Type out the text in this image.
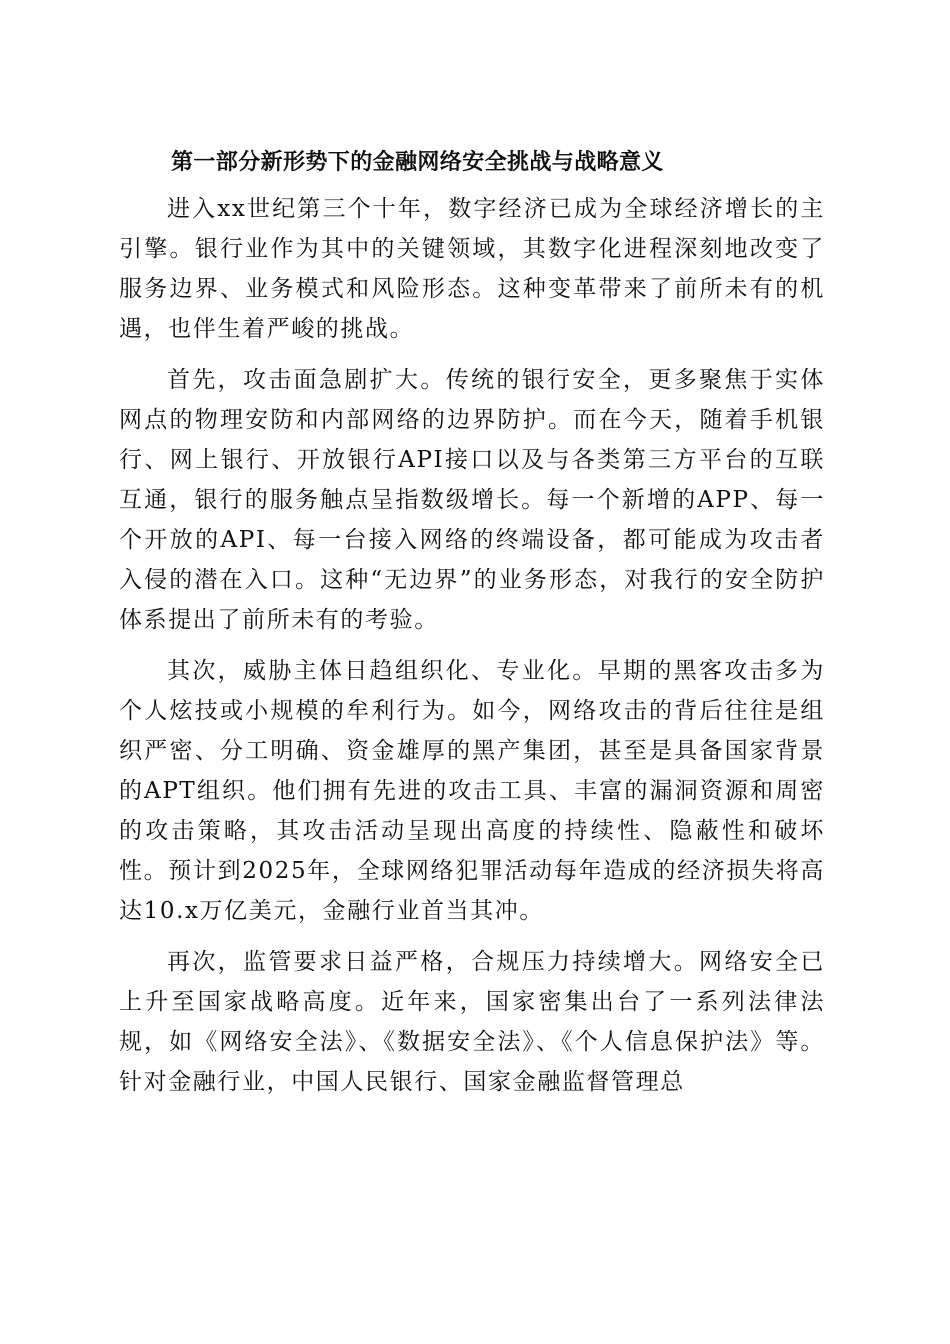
第一部分新形势下的金融网络安全挑战与战略意义

进入xx世纪第三个十年，数字经济已成为全球经济增长的主引擎。银行业作为其中的关键领域，其数字化进程深刻地改变了服务边界、业务模式和风险形态。这种变革带来了前所未有的机遇，也伴生着严峻的挑战。

首先，攻击面急剧扩大。传统的银行安全，更多聚焦于实体网点的物理安防和内部网络的边界防护。而在今天，随着手机银行、网上银行、开放银行API接口以及与各类第三方平台的互联互通，银行的服务触点呈指数级增长。每一个新增的APP、每一个开放的API、每一台接入网络的终端设备，都可能成为攻击者入侵的潜在入口。这种“无边界”的业务形态，对我行的安全防护体系提出了前所未有的考验。

其次，威胁主体日趋组织化、专业化。早期的黑客攻击多为个人炫技或小规模的牟利行为。如今，网络攻击的背后往往是组织严密、分工明确、资金雄厚的黑产集团，甚至是具备国家背景的APT组织。他们拥有先进的攻击工具、丰富的漏洞资源和周密的攻击策略，其攻击活动呈现出高度的持续性、隐蔽性和破坏性。预计到2025年，全球网络犯罪活动每年造成的经济损失将高达10.x万亿美元，金融行业首当其冲。

再次，监管要求日益严格，合规压力持续增大。网络安全已上升至国家战略高度。近年来，国家密集出台了一系列法律法规，如《网络安全法》、《数据安全法》、《个人信息保护法》等。针对金融行业，中国人民银行、国家金融监督管理总
